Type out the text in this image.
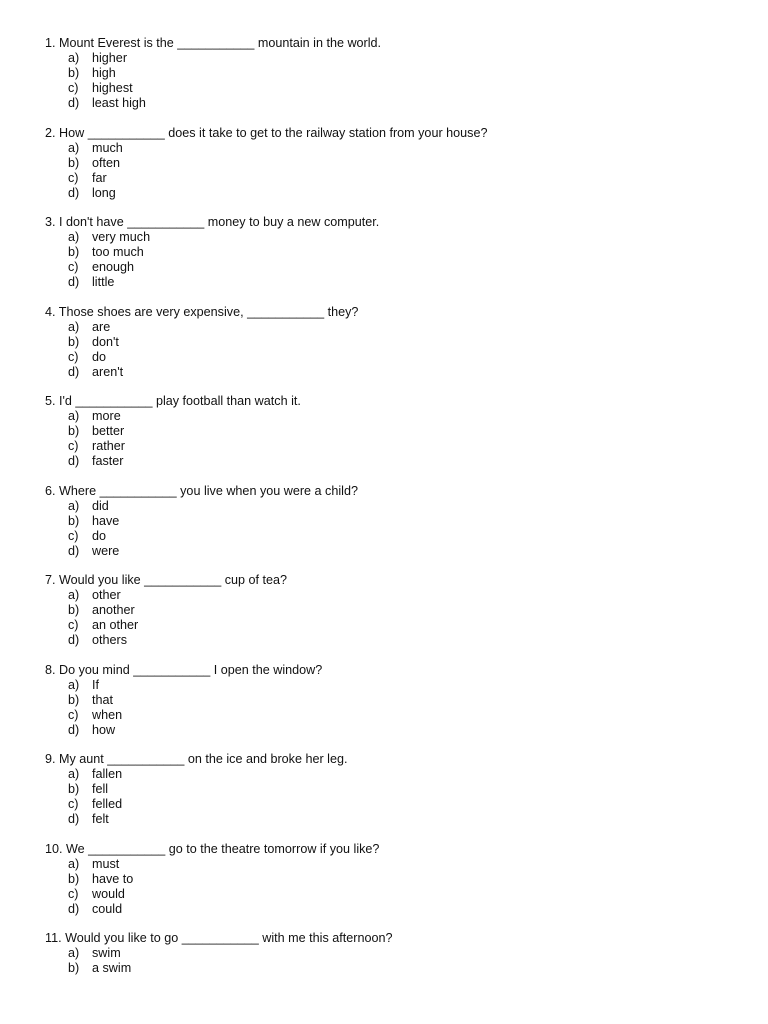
1. Mount Everest is the ___________ mountain in the world.
a) higher
b) high
c) highest
d) least high
2. How ___________ does it take to get to the railway station from your house?
a) much
b) often
c) far
d) long
3. I don't have ___________ money to buy a new computer.
a) very much
b) too much
c) enough
d) little
4. Those shoes are very expensive, ___________ they?
a) are
b) don't
c) do
d) aren't
5. I'd ___________ play football than watch it.
a) more
b) better
c) rather
d) faster
6. Where ___________ you live when you were a child?
a) did
b) have
c) do
d) were
7. Would you like ___________ cup of tea?
a) other
b) another
c) an other
d) others
8. Do you mind ___________ I open the window?
a) If
b) that
c) when
d) how
9. My aunt ___________ on the ice and broke her leg.
a) fallen
b) fell
c) felled
d) felt
10. We ___________ go to the theatre tomorrow if you like?
a) must
b) have to
c) would
d) could
11. Would you like to go ___________ with me this afternoon?
a) swim
b) a swim
